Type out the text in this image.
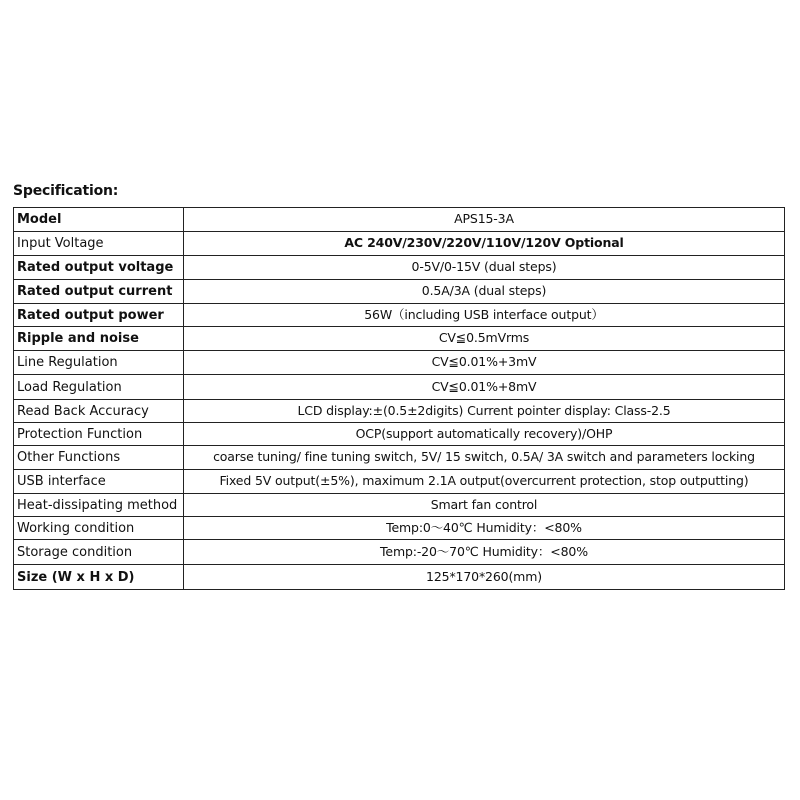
Specification:
Model	APS15-3A
Input Voltage	AC 240V/230V/220V/110V/120V Optional
Rated output voltage	0-5V/0-15V (dual steps)
Rated output current	0.5A/3A (dual steps)
Rated output power	56W（including USB interface output）
Ripple and noise	CV≦0.5mVrms
Line Regulation	CV≦0.01%+3mV
Load Regulation	CV≦0.01%+8mV
Read Back Accuracy	LCD display:±(0.5±2digits) Current pointer display: Class-2.5
Protection Function	OCP(support automatically recovery)/OHP
Other Functions	coarse tuning/ fine tuning switch, 5V/ 15 switch, 0.5A/ 3A switch and parameters locking
USB interface	Fixed 5V output(±5%), maximum 2.1A output(overcurrent protection, stop outputting)
Heat-dissipating method	Smart fan control
Working condition	Temp:0～40℃ Humidity：<80%
Storage condition	Temp:-20～70℃ Humidity：<80%
Size (W x H x D)	125*170*260(mm)
